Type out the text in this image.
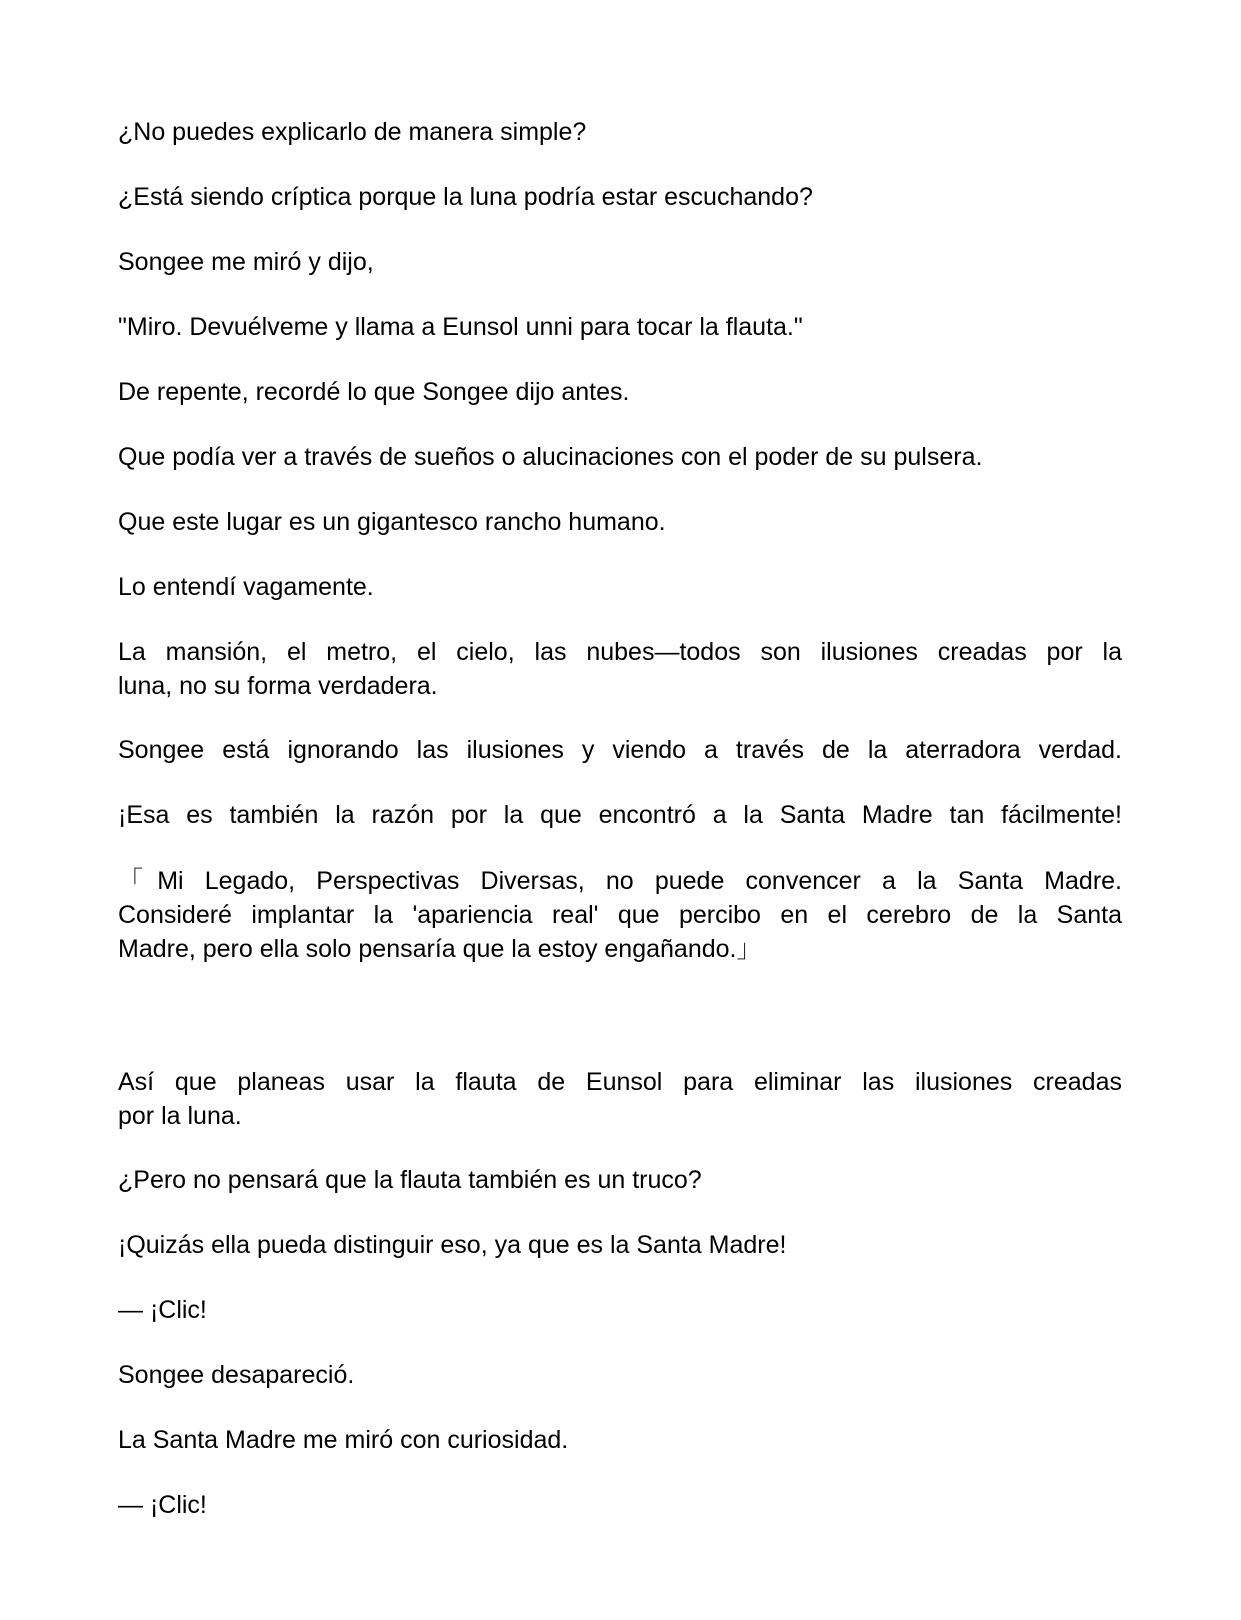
¿No puedes explicarlo de manera simple?

¿Está siendo críptica porque la luna podría estar escuchando?

Songee me miró y dijo,

"Miro. Devuélveme y llama a Eunsol unni para tocar la flauta."

De repente, recordé lo que Songee dijo antes.

Que podía ver a través de sueños o alucinaciones con el poder de su pulsera.

Que este lugar es un gigantesco rancho humano.

Lo entendí vagamente.

La mansión, el metro, el cielo, las nubes—todos son ilusiones creadas por la

luna, no su forma verdadera.

Songee está ignorando las ilusiones y viendo a través de la aterradora verdad.

¡Esa es también la razón por la que encontró a la Santa Madre tan fácilmente!

「Mi Legado, Perspectivas Diversas, no puede convencer a la Santa Madre.

Consideré implantar la 'apariencia real' que percibo en el cerebro de la Santa

Madre, pero ella solo pensaría que la estoy engañando.」

Así que planeas usar la flauta de Eunsol para eliminar las ilusiones creadas

por la luna.

¿Pero no pensará que la flauta también es un truco?

¡Quizás ella pueda distinguir eso, ya que es la Santa Madre!

— ¡Clic!

Songee desapareció.

La Santa Madre me miró con curiosidad.

— ¡Clic!
